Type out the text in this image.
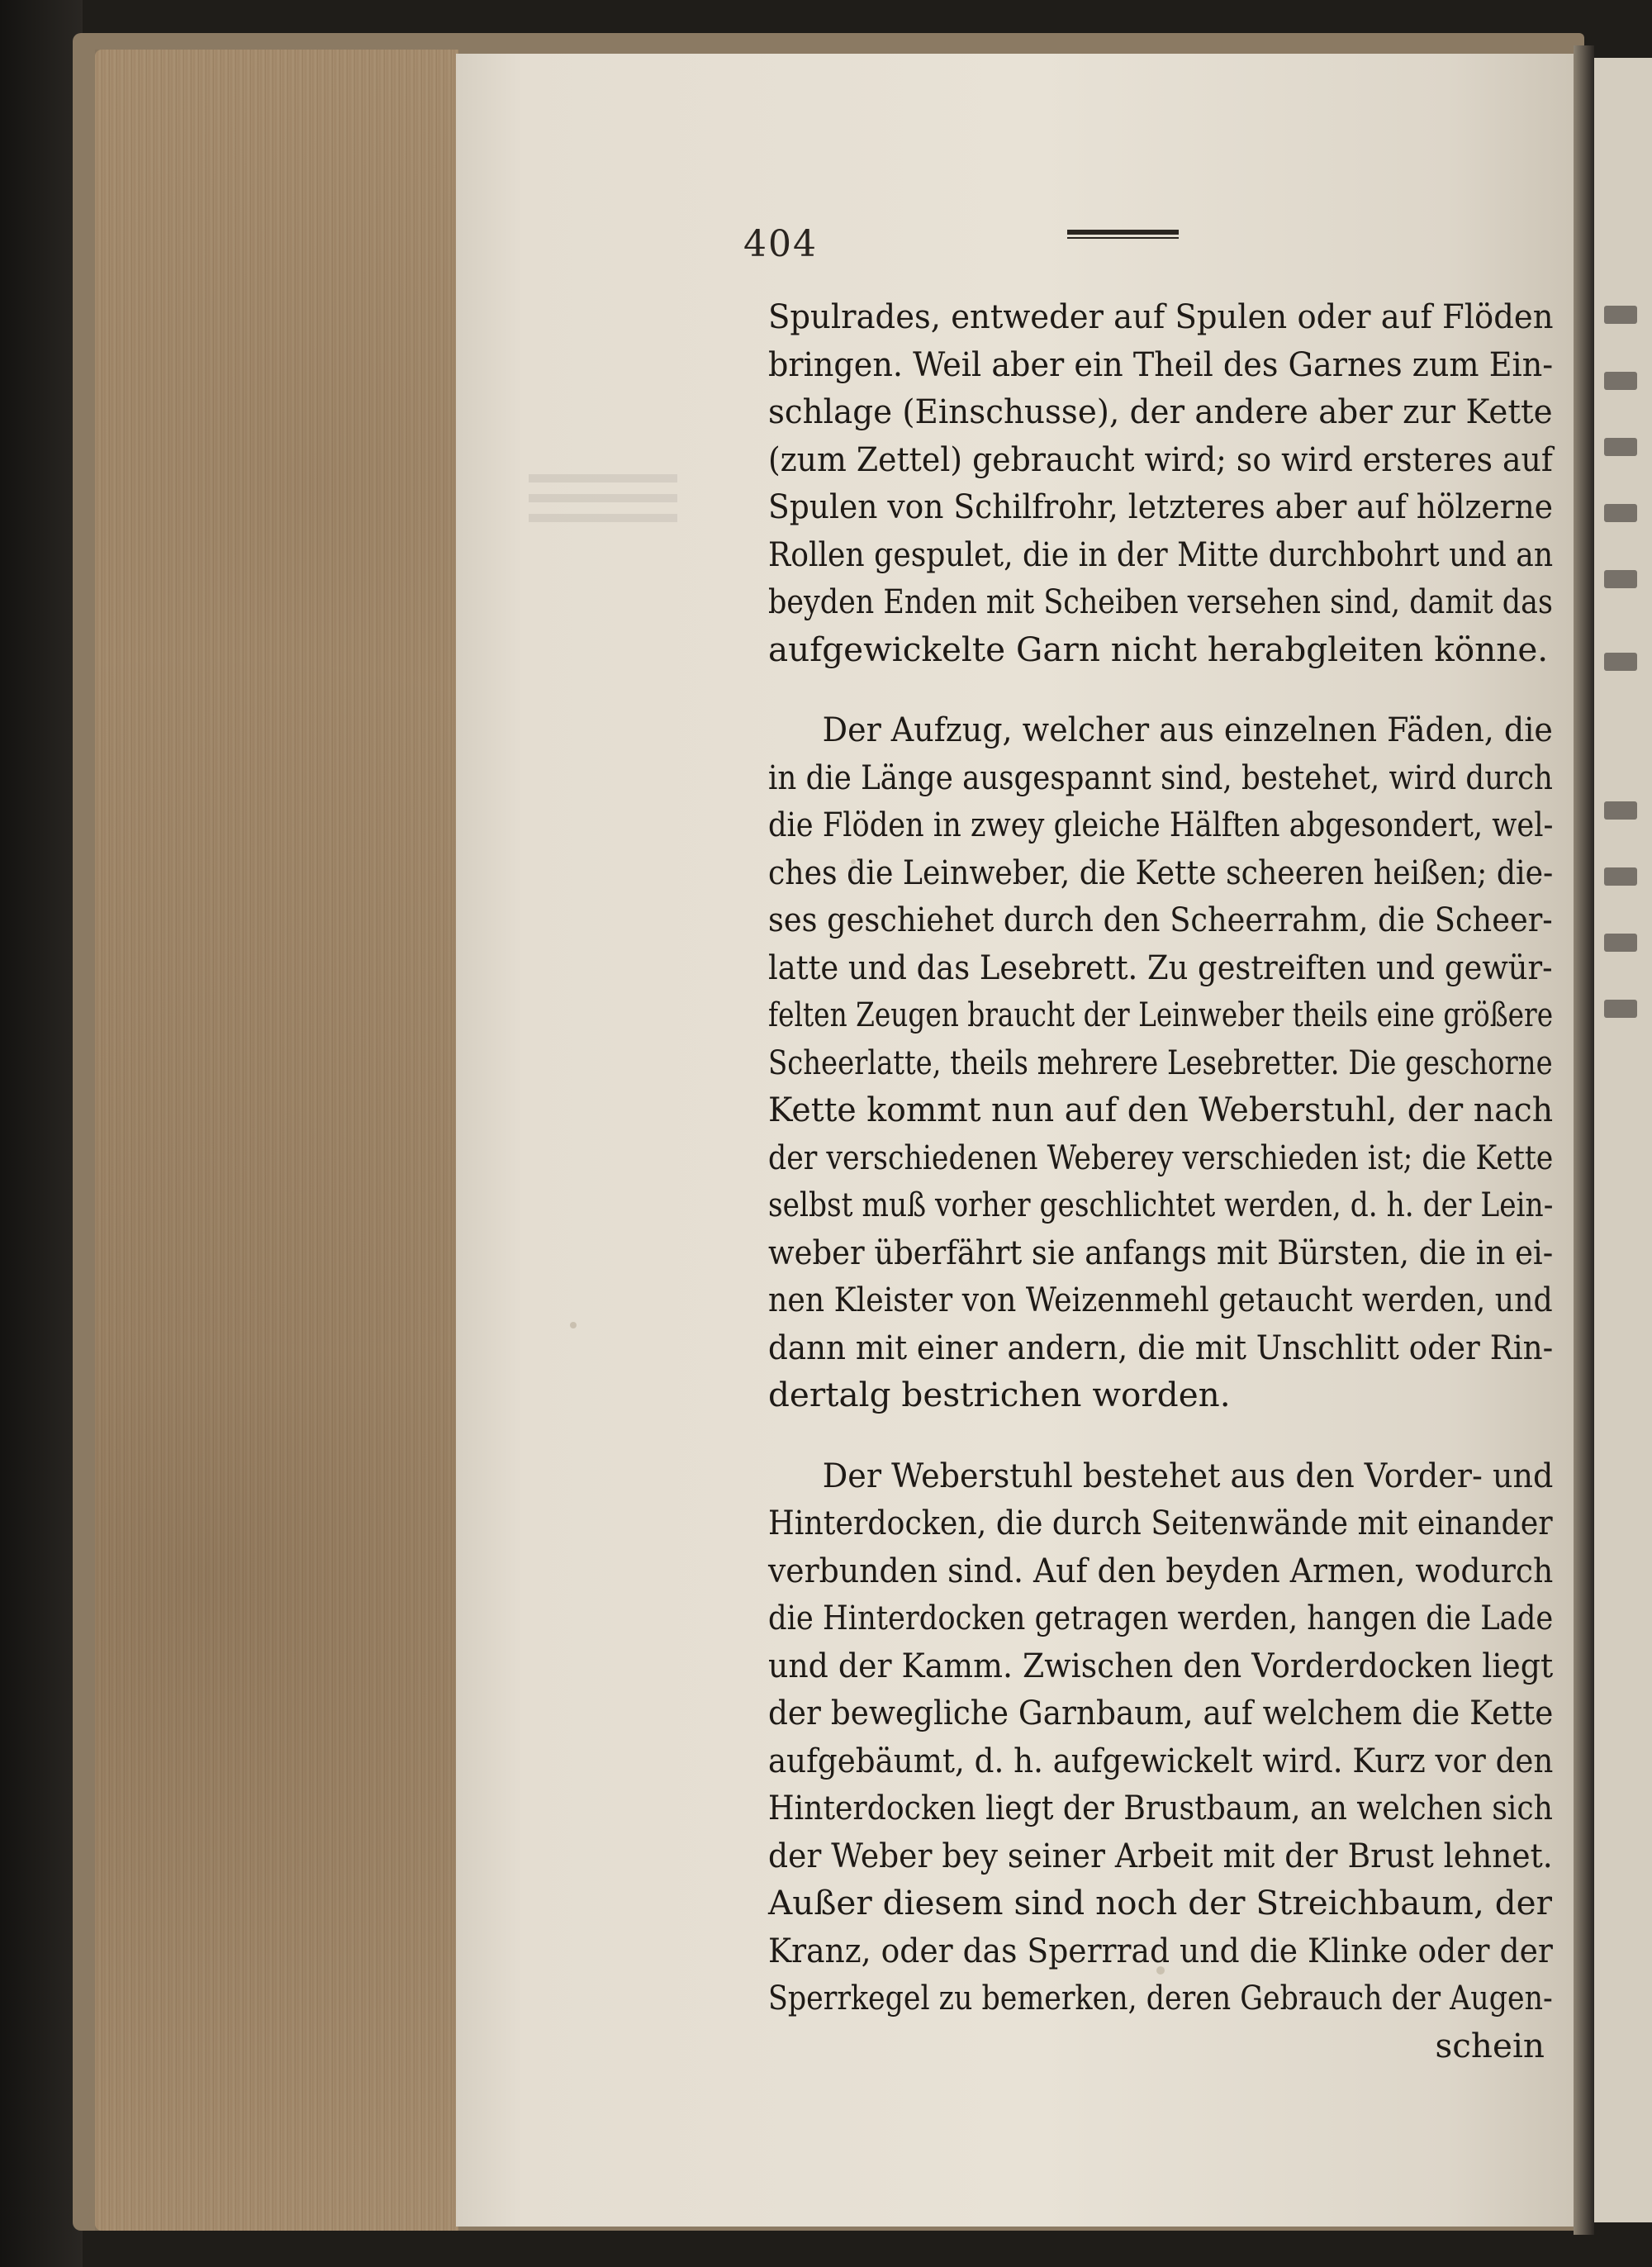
404

Spulrades, entweder auf Spulen oder auf Flöden
bringen. Weil aber ein Theil des Garnes zum Ein-
schlage (Einschusse), der andere aber zur Kette
(zum Zettel) gebraucht wird; so wird ersteres auf
Spulen von Schilfrohr, letzteres aber auf hölzerne
Rollen gespulet, die in der Mitte durchbohrt und an
beyden Enden mit Scheiben versehen sind, damit das
aufgewickelte Garn nicht herabgleiten könne.

Der Aufzug, welcher aus einzelnen Fäden, die
in die Länge ausgespannt sind, bestehet, wird durch
die Flöden in zwey gleiche Hälften abgesondert, wel-
ches die Leinweber, die Kette scheeren heißen; die-
ses geschiehet durch den Scheerrahm, die Scheer-
latte und das Lesebrett. Zu gestreiften und gewür-
felten Zeugen braucht der Leinweber theils eine größere
Scheerlatte, theils mehrere Lesebretter. Die geschorne
Kette kommt nun auf den Weberstuhl, der nach
der verschiedenen Weberey verschieden ist; die Kette
selbst muß vorher geschlichtet werden, d. h. der Lein-
weber überfährt sie anfangs mit Bürsten, die in ei-
nen Kleister von Weizenmehl getaucht werden, und
dann mit einer andern, die mit Unschlitt oder Rin-
dertalg bestrichen worden.

Der Weberstuhl bestehet aus den Vorder- und
Hinterdocken, die durch Seitenwände mit einander
verbunden sind. Auf den beyden Armen, wodurch
die Hinterdocken getragen werden, hangen die Lade
und der Kamm. Zwischen den Vorderdocken liegt
der bewegliche Garnbaum, auf welchem die Kette
aufgebäumt, d. h. aufgewickelt wird. Kurz vor den
Hinterdocken liegt der Brustbaum, an welchen sich
der Weber bey seiner Arbeit mit der Brust lehnet.
Außer diesem sind noch der Streichbaum, der
Kranz, oder das Sperrrad und die Klinke oder der
Sperrkegel zu bemerken, deren Gebrauch der Augen-
schein
